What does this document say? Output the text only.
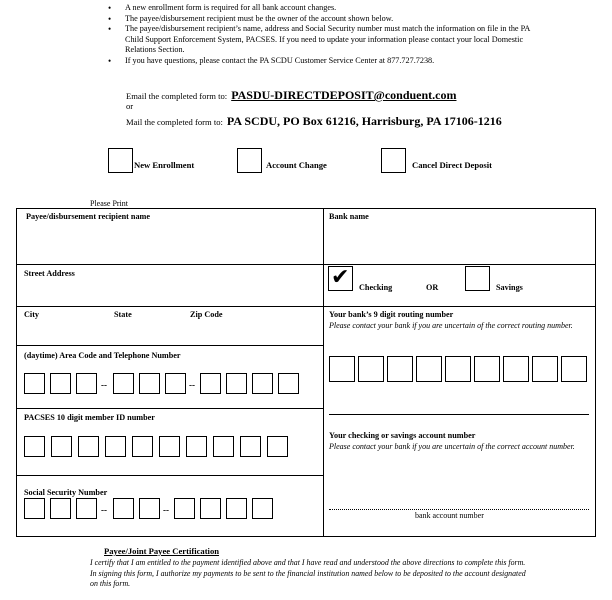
• A new enrollment form is required for all bank account changes.
• The payee/disbursement recipient must be the owner of the account shown below.
• The payee/disbursement recipient’s name, address and Social Security number must match the information on file in the PA Child Support Enforcement System, PACSES. If you need to update your information please contact your local Domestic Relations Section.
• If you have questions, please contact the PA SCDU Customer Service Center at 877.727.7238.
Email the completed form to: PASDU-DIRECTDEPOSIT@conduent.com
or
Mail the completed form to: PA SCDU, PO Box 61216, Harrisburg, PA 17106-1216
New Enrollment	Account Change	Cancel Direct Deposit
Please Print
Payee/disbursement recipient name
Street Address
City	State	Zip Code
(daytime) Area Code and Telephone Number
--	--
PACSES 10 digit member ID number
Social Security Number
--	--
Bank name
✔ Checking	OR	Savings
Your bank’s 9 digit routing number
Please contact your bank if you are uncertain of the correct routing number.
Your checking or savings account number
Please contact your bank if you are uncertain of the correct account number.
bank account number
Payee/Joint Payee Certification
I certify that I am entitled to the payment identified above and that I have read and understood the above directions to complete this form. In signing this form, I authorize my payments to be sent to the financial institution named below to be deposited to the account designated on this form.
